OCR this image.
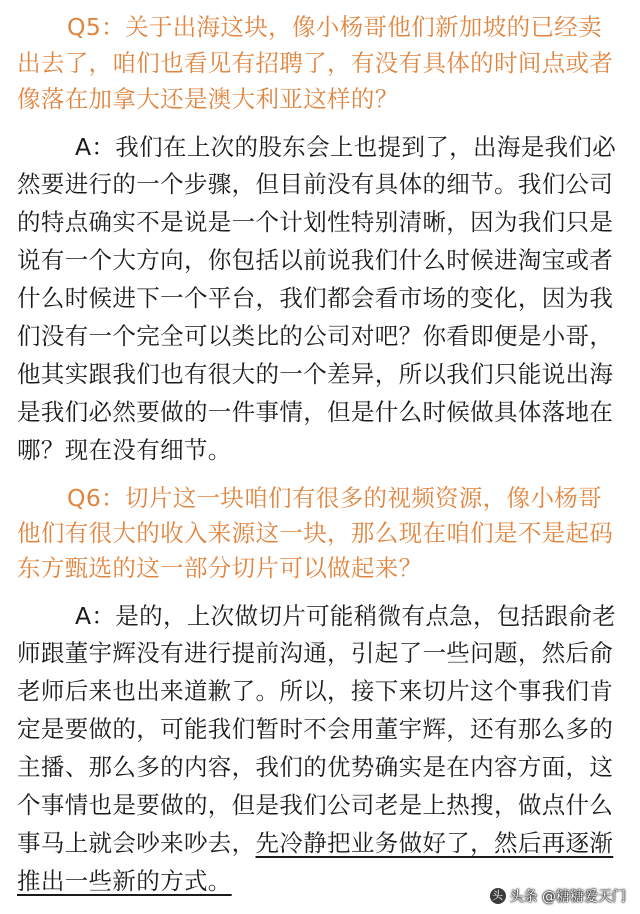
Q5：关于出海这块，像小杨哥他们新加坡的已经卖
出去了，咱们也看见有招聘了，有没有具体的时间点或者
像落在加拿大还是澳大利亚这样的？
A：我们在上次的股东会上也提到了，出海是我们必
然要进行的一个步骤，但目前没有具体的细节。我们公司
的特点确实不是说是一个计划性特别清晰，因为我们只是
说有一个大方向，你包括以前说我们什么时候进淘宝或者
什么时候进下一个平台，我们都会看市场的变化，因为我
们没有一个完全可以类比的公司对吧？你看即便是小哥，
他其实跟我们也有很大的一个差异，所以我们只能说出海
是我们必然要做的一件事情，但是什么时候做具体落地在
哪？现在没有细节。
Q6：切片这一块咱们有很多的视频资源，像小杨哥
他们有很大的收入来源这一块，那么现在咱们是不是起码
东方甄选的这一部分切片可以做起来？
A：是的，上次做切片可能稍微有点急，包括跟俞老
师跟董宇辉没有进行提前沟通，引起了一些问题，然后俞
老师后来也出来道歉了。所以，接下来切片这个事我们肯
定是要做的，可能我们暂时不会用董宇辉，还有那么多的
主播、那么多的内容，我们的优势确实是在内容方面，这
个事情也是要做的，但是我们公司老是上热搜，做点什么
事马上就会吵来吵去，先冷静把业务做好了，然后再逐渐
推出一些新的方式。
头 头条 @糖糖爱天门
